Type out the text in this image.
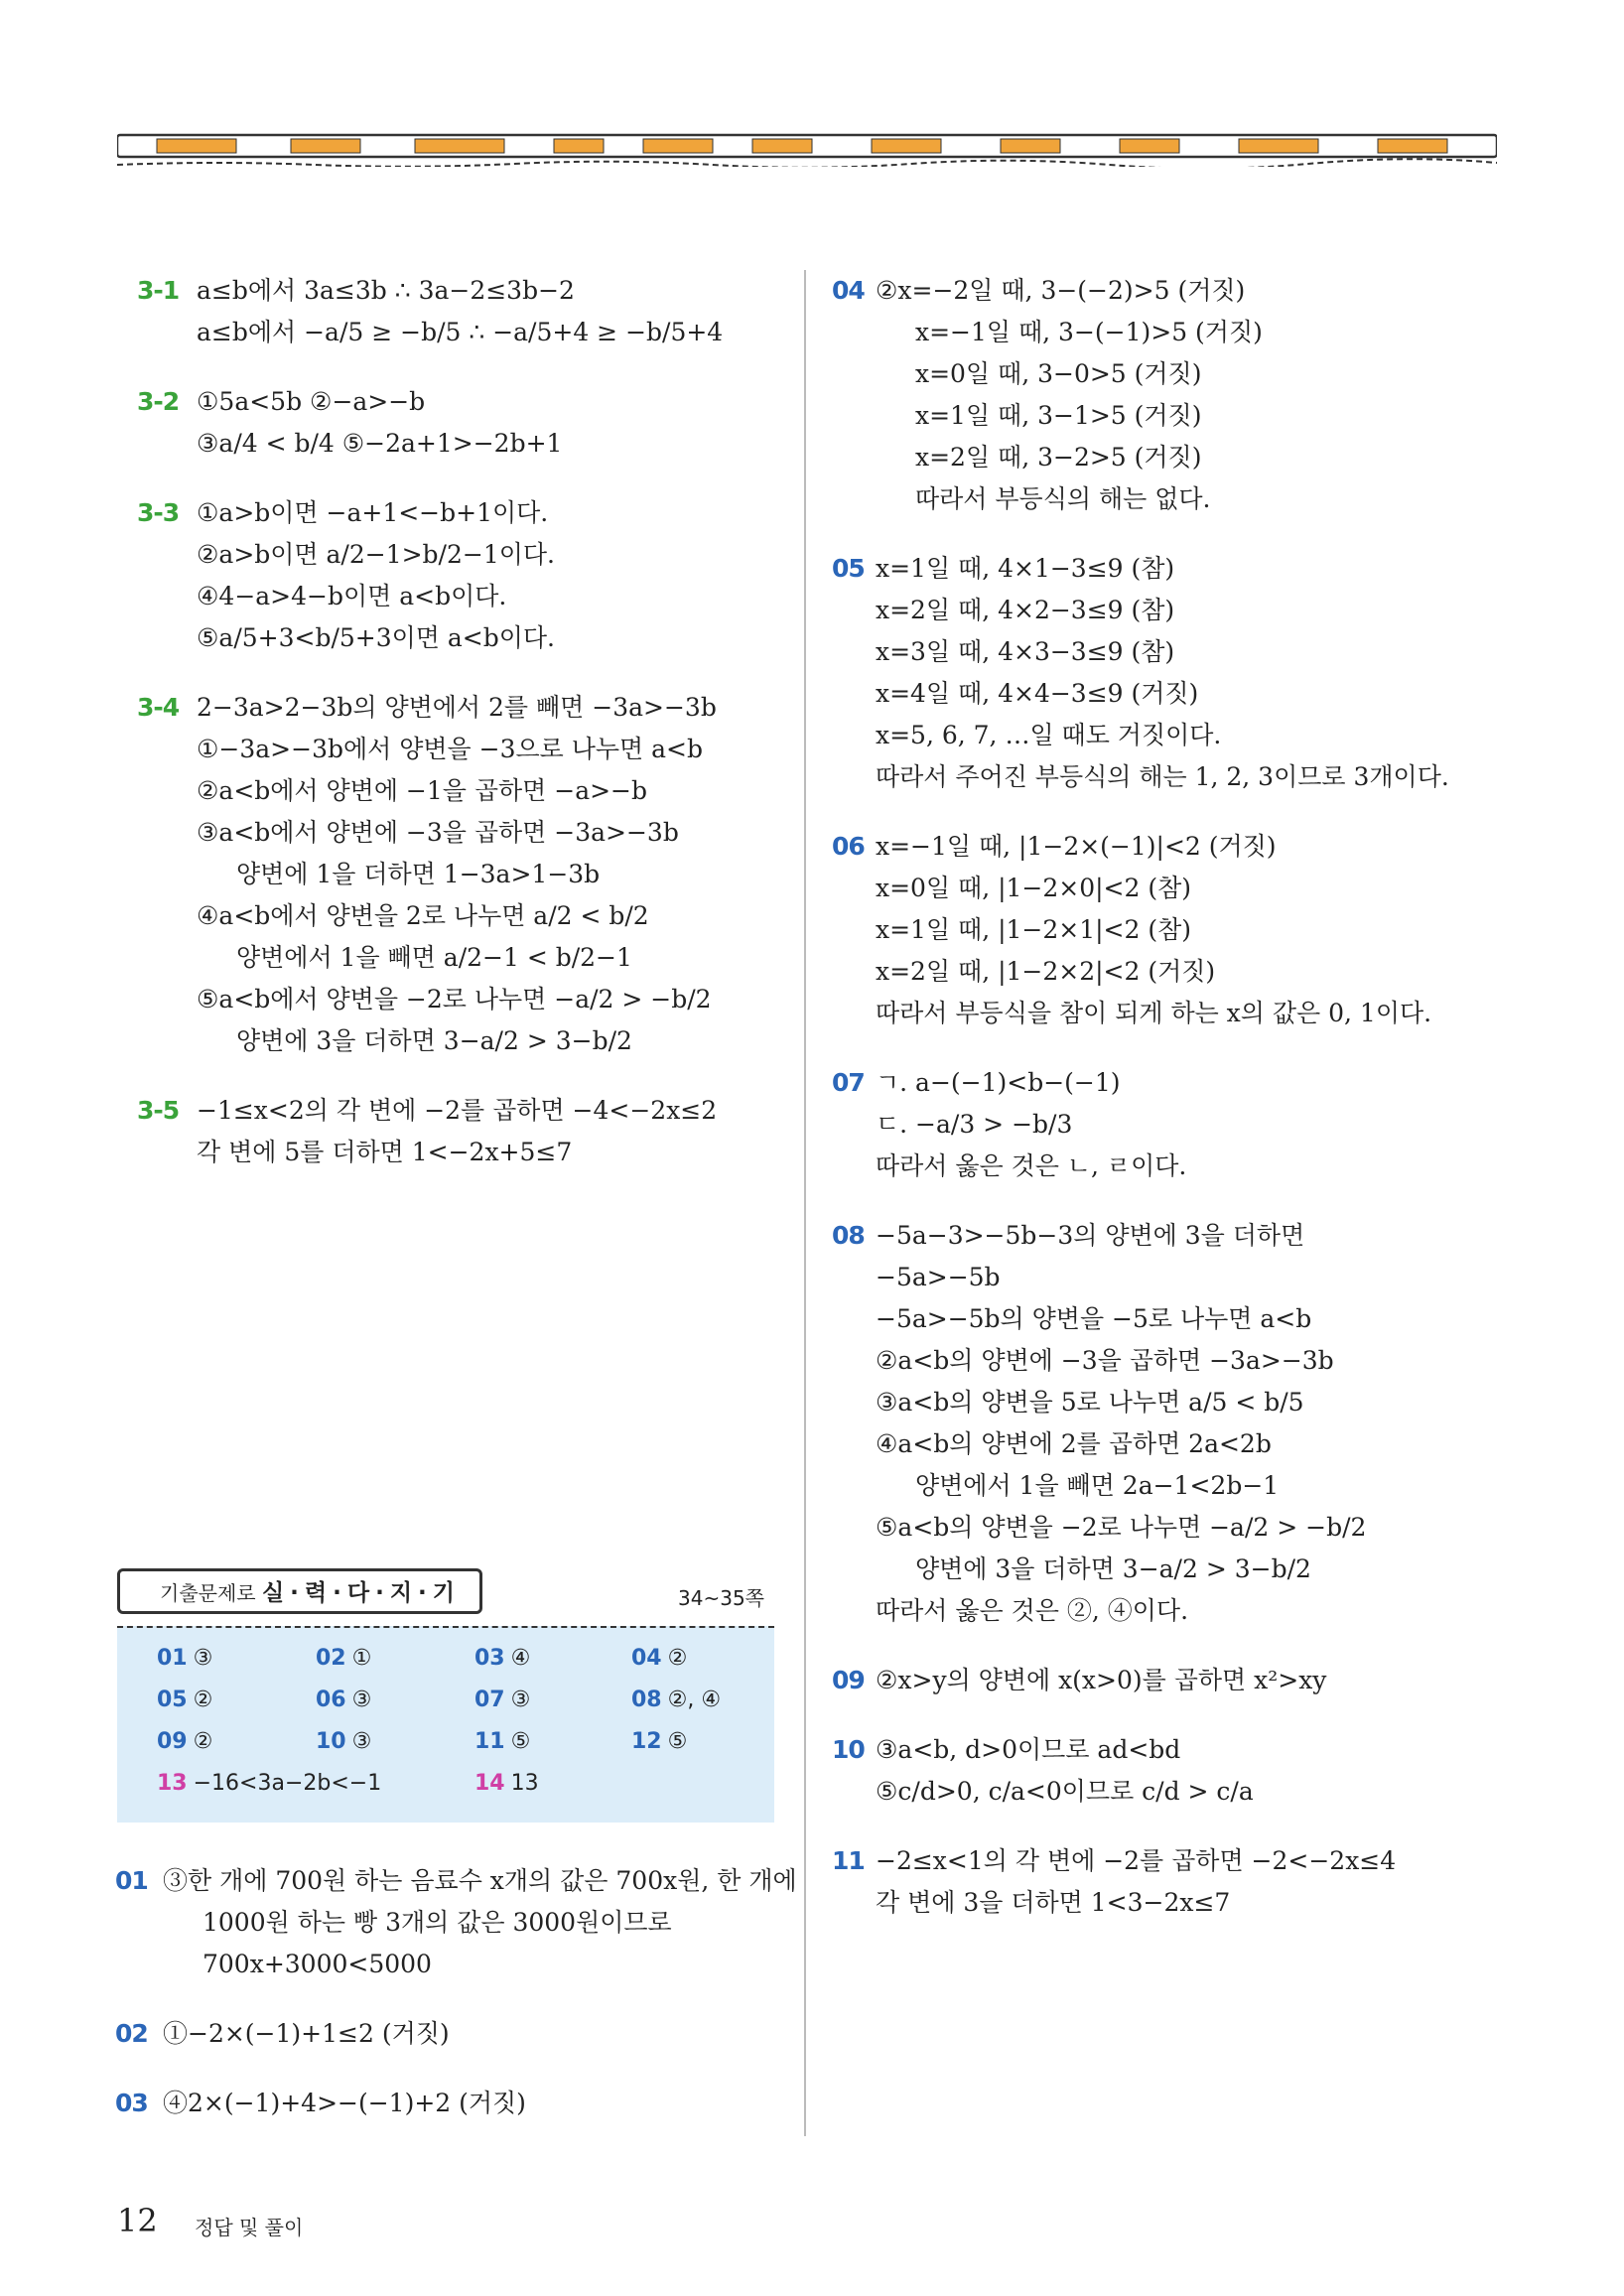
3-1 a≤b에서 3a≤3b ∴ 3a−2≤3b−2
a≤b에서 −a/5 ≥ −b/5 ∴ −a/5+4 ≥ −b/5+4
3-2 ①5a<5b ②−a>−b
③a/4 < b/4 ⑤−2a+1>−2b+1
3-3 ①a>b이면 −a+1<−b+1이다.
②a>b이면 a/2−1>b/2−1이다.
④4−a>4−b이면 a<b이다.
⑤a/5+3<b/5+3이면 a<b이다.
3-4 2−3a>2−3b의 양변에서 2를 빼면 −3a>−3b
①−3a>−3b에서 양변을 −3으로 나누면 a<b
②a<b에서 양변에 −1을 곱하면 −a>−b
③a<b에서 양변에 −3을 곱하면 −3a>−3b
양변에 1을 더하면 1−3a>1−3b
④a<b에서 양변을 2로 나누면 a/2 < b/2
양변에서 1을 빼면 a/2−1 < b/2−1
⑤a<b에서 양변을 −2로 나누면 −a/2 > −b/2
양변에 3을 더하면 3−a/2 > 3−b/2
3-5 −1≤x<2의 각 변에 −2를 곱하면 −4<−2x≤2
각 변에 5를 더하면 1<−2x+5≤7
기출문제로 실·력·다·지·기	34~35쪽
01 ③	02 ①	03 ④	04 ②
05 ②	06 ③	07 ③	08 ②, ④
09 ②	10 ③	11 ⑤	12 ⑤
13 −16<3a−2b<−1	14 13
01 ③한 개에 700원 하는 음료수 x개의 값은 700x원, 한 개에
1000원 하는 빵 3개의 값은 3000원이므로
700x+3000<5000
02 ①−2×(−1)+1≤2 (거짓)
03 ④2×(−1)+4>−(−1)+2 (거짓)
04 ②x=−2일 때, 3−(−2)>5 (거짓)
x=−1일 때, 3−(−1)>5 (거짓)
x=0일 때, 3−0>5 (거짓)
x=1일 때, 3−1>5 (거짓)
x=2일 때, 3−2>5 (거짓)
따라서 부등식의 해는 없다.
05 x=1일 때, 4×1−3≤9 (참)
x=2일 때, 4×2−3≤9 (참)
x=3일 때, 4×3−3≤9 (참)
x=4일 때, 4×4−3≤9 (거짓)
x=5, 6, 7, …일 때도 거짓이다.
따라서 주어진 부등식의 해는 1, 2, 3이므로 3개이다.
06 x=−1일 때, |1−2×(−1)|<2 (거짓)
x=0일 때, |1−2×0|<2 (참)
x=1일 때, |1−2×1|<2 (참)
x=2일 때, |1−2×2|<2 (거짓)
따라서 부등식을 참이 되게 하는 x의 값은 0, 1이다.
07 ㄱ. a−(−1)<b−(−1)
ㄷ. −a/3 > −b/3
따라서 옳은 것은 ㄴ, ㄹ이다.
08 −5a−3>−5b−3의 양변에 3을 더하면
−5a>−5b
−5a>−5b의 양변을 −5로 나누면 a<b
②a<b의 양변에 −3을 곱하면 −3a>−3b
③a<b의 양변을 5로 나누면 a/5 < b/5
④a<b의 양변에 2를 곱하면 2a<2b
양변에서 1을 빼면 2a−1<2b−1
⑤a<b의 양변을 −2로 나누면 −a/2 > −b/2
양변에 3을 더하면 3−a/2 > 3−b/2
따라서 옳은 것은 ②, ④이다.
09 ②x>y의 양변에 x(x>0)를 곱하면 x²>xy
10 ③a<b, d>0이므로 ad<bd
⑤c/d>0, c/a<0이므로 c/d > c/a
11 −2≤x<1의 각 변에 −2를 곱하면 −2<−2x≤4
각 변에 3을 더하면 1<3−2x≤7
12 정답 및 풀이
